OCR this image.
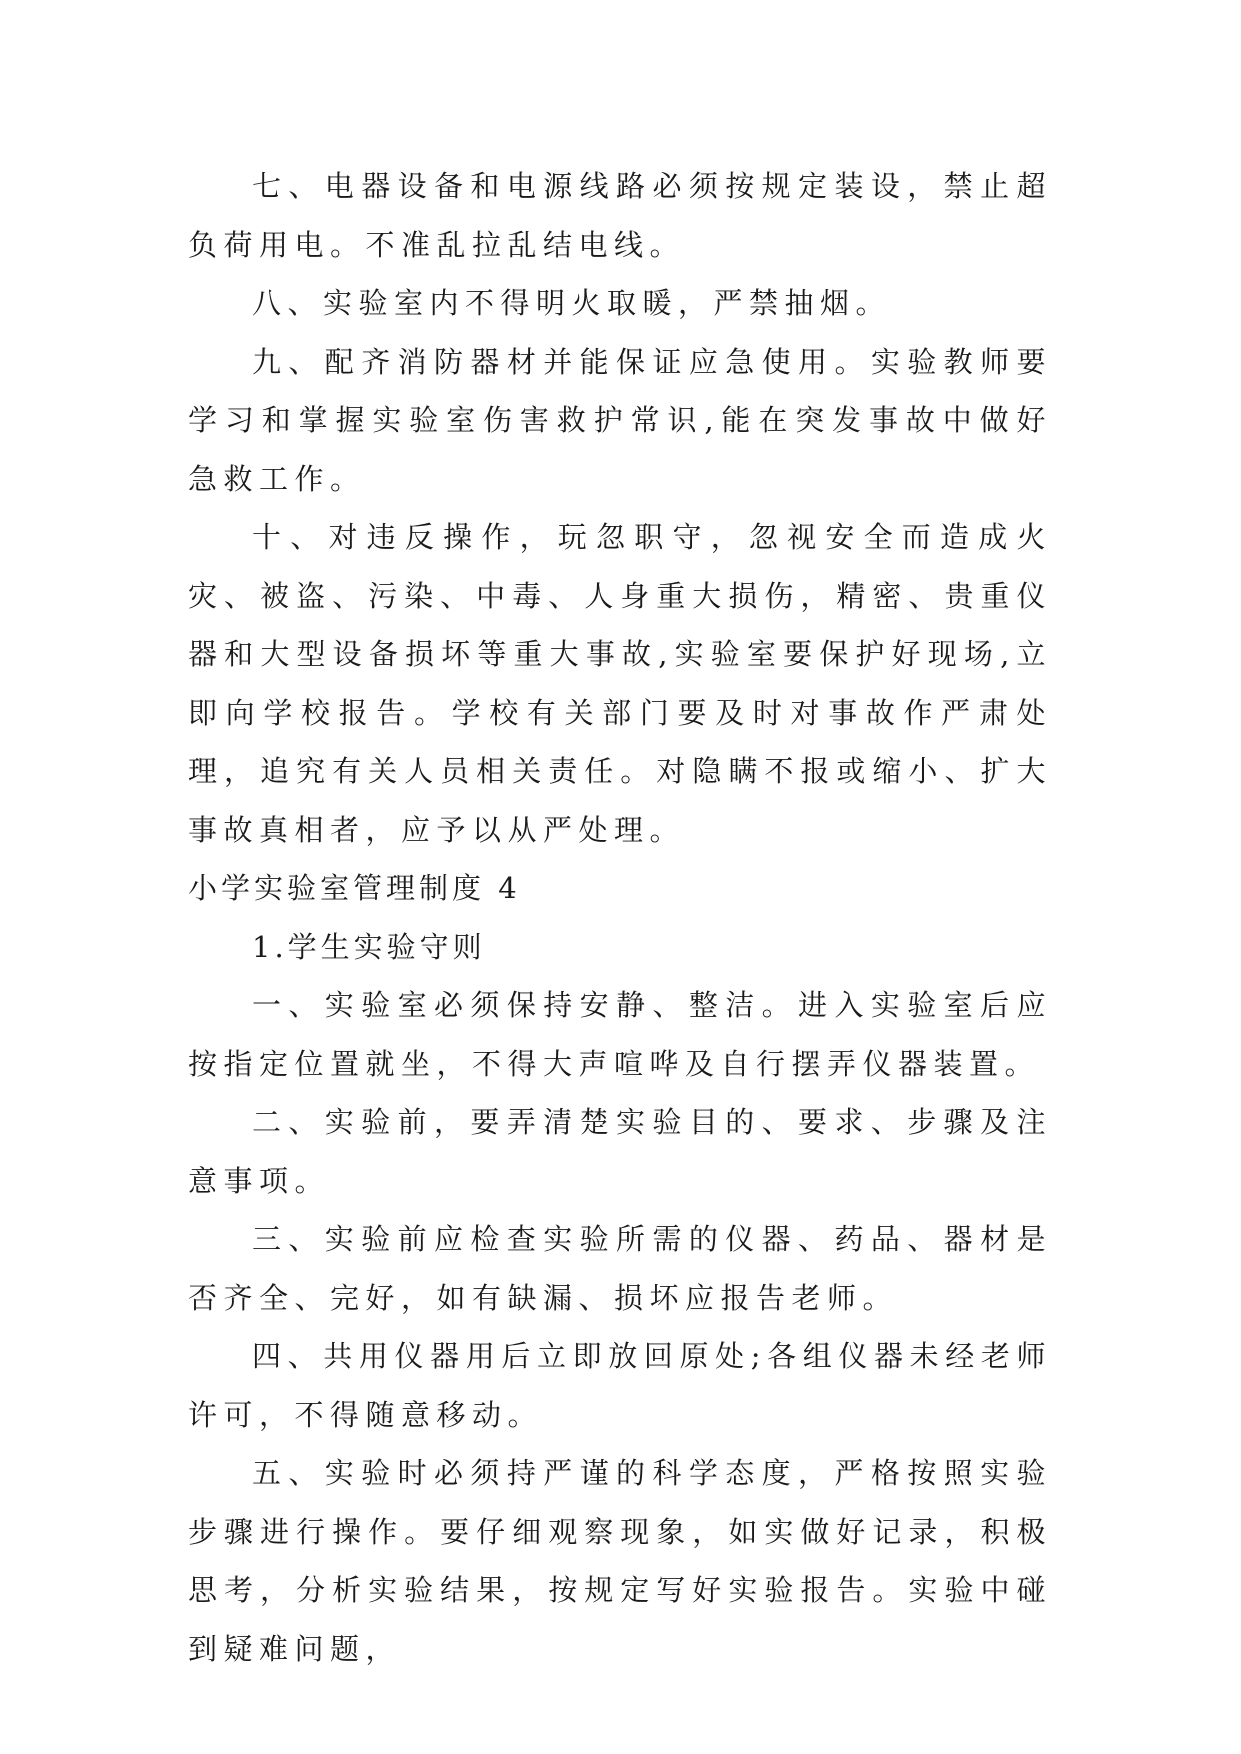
七、电器设备和电源线路必须按规定装设，禁止超负荷用电。不准乱拉乱结电线。

八、实验室内不得明火取暖，严禁抽烟。

九、配齐消防器材并能保证应急使用。实验教师要学习和掌握实验室伤害救护常识,能在突发事故中做好急救工作。

十、对违反操作，玩忽职守，忽视安全而造成火灾、被盗、污染、中毒、人身重大损伤，精密、贵重仪器和大型设备损坏等重大事故,实验室要保护好现场,立即向学校报告。学校有关部门要及时对事故作严肃处理，追究有关人员相关责任。对隐瞒不报或缩小、扩大事故真相者，应予以从严处理。

小学实验室管理制度 4

1.学生实验守则

一、实验室必须保持安静、整洁。进入实验室后应按指定位置就坐，不得大声喧哗及自行摆弄仪器装置。

二、实验前，要弄清楚实验目的、要求、步骤及注意事项。

三、实验前应检查实验所需的仪器、药品、器材是否齐全、完好，如有缺漏、损坏应报告老师。

四、共用仪器用后立即放回原处;各组仪器未经老师许可，不得随意移动。

五、实验时必须持严谨的科学态度，严格按照实验步骤进行操作。要仔细观察现象，如实做好记录，积极思考，分析实验结果，按规定写好实验报告。实验中碰到疑难问题，
